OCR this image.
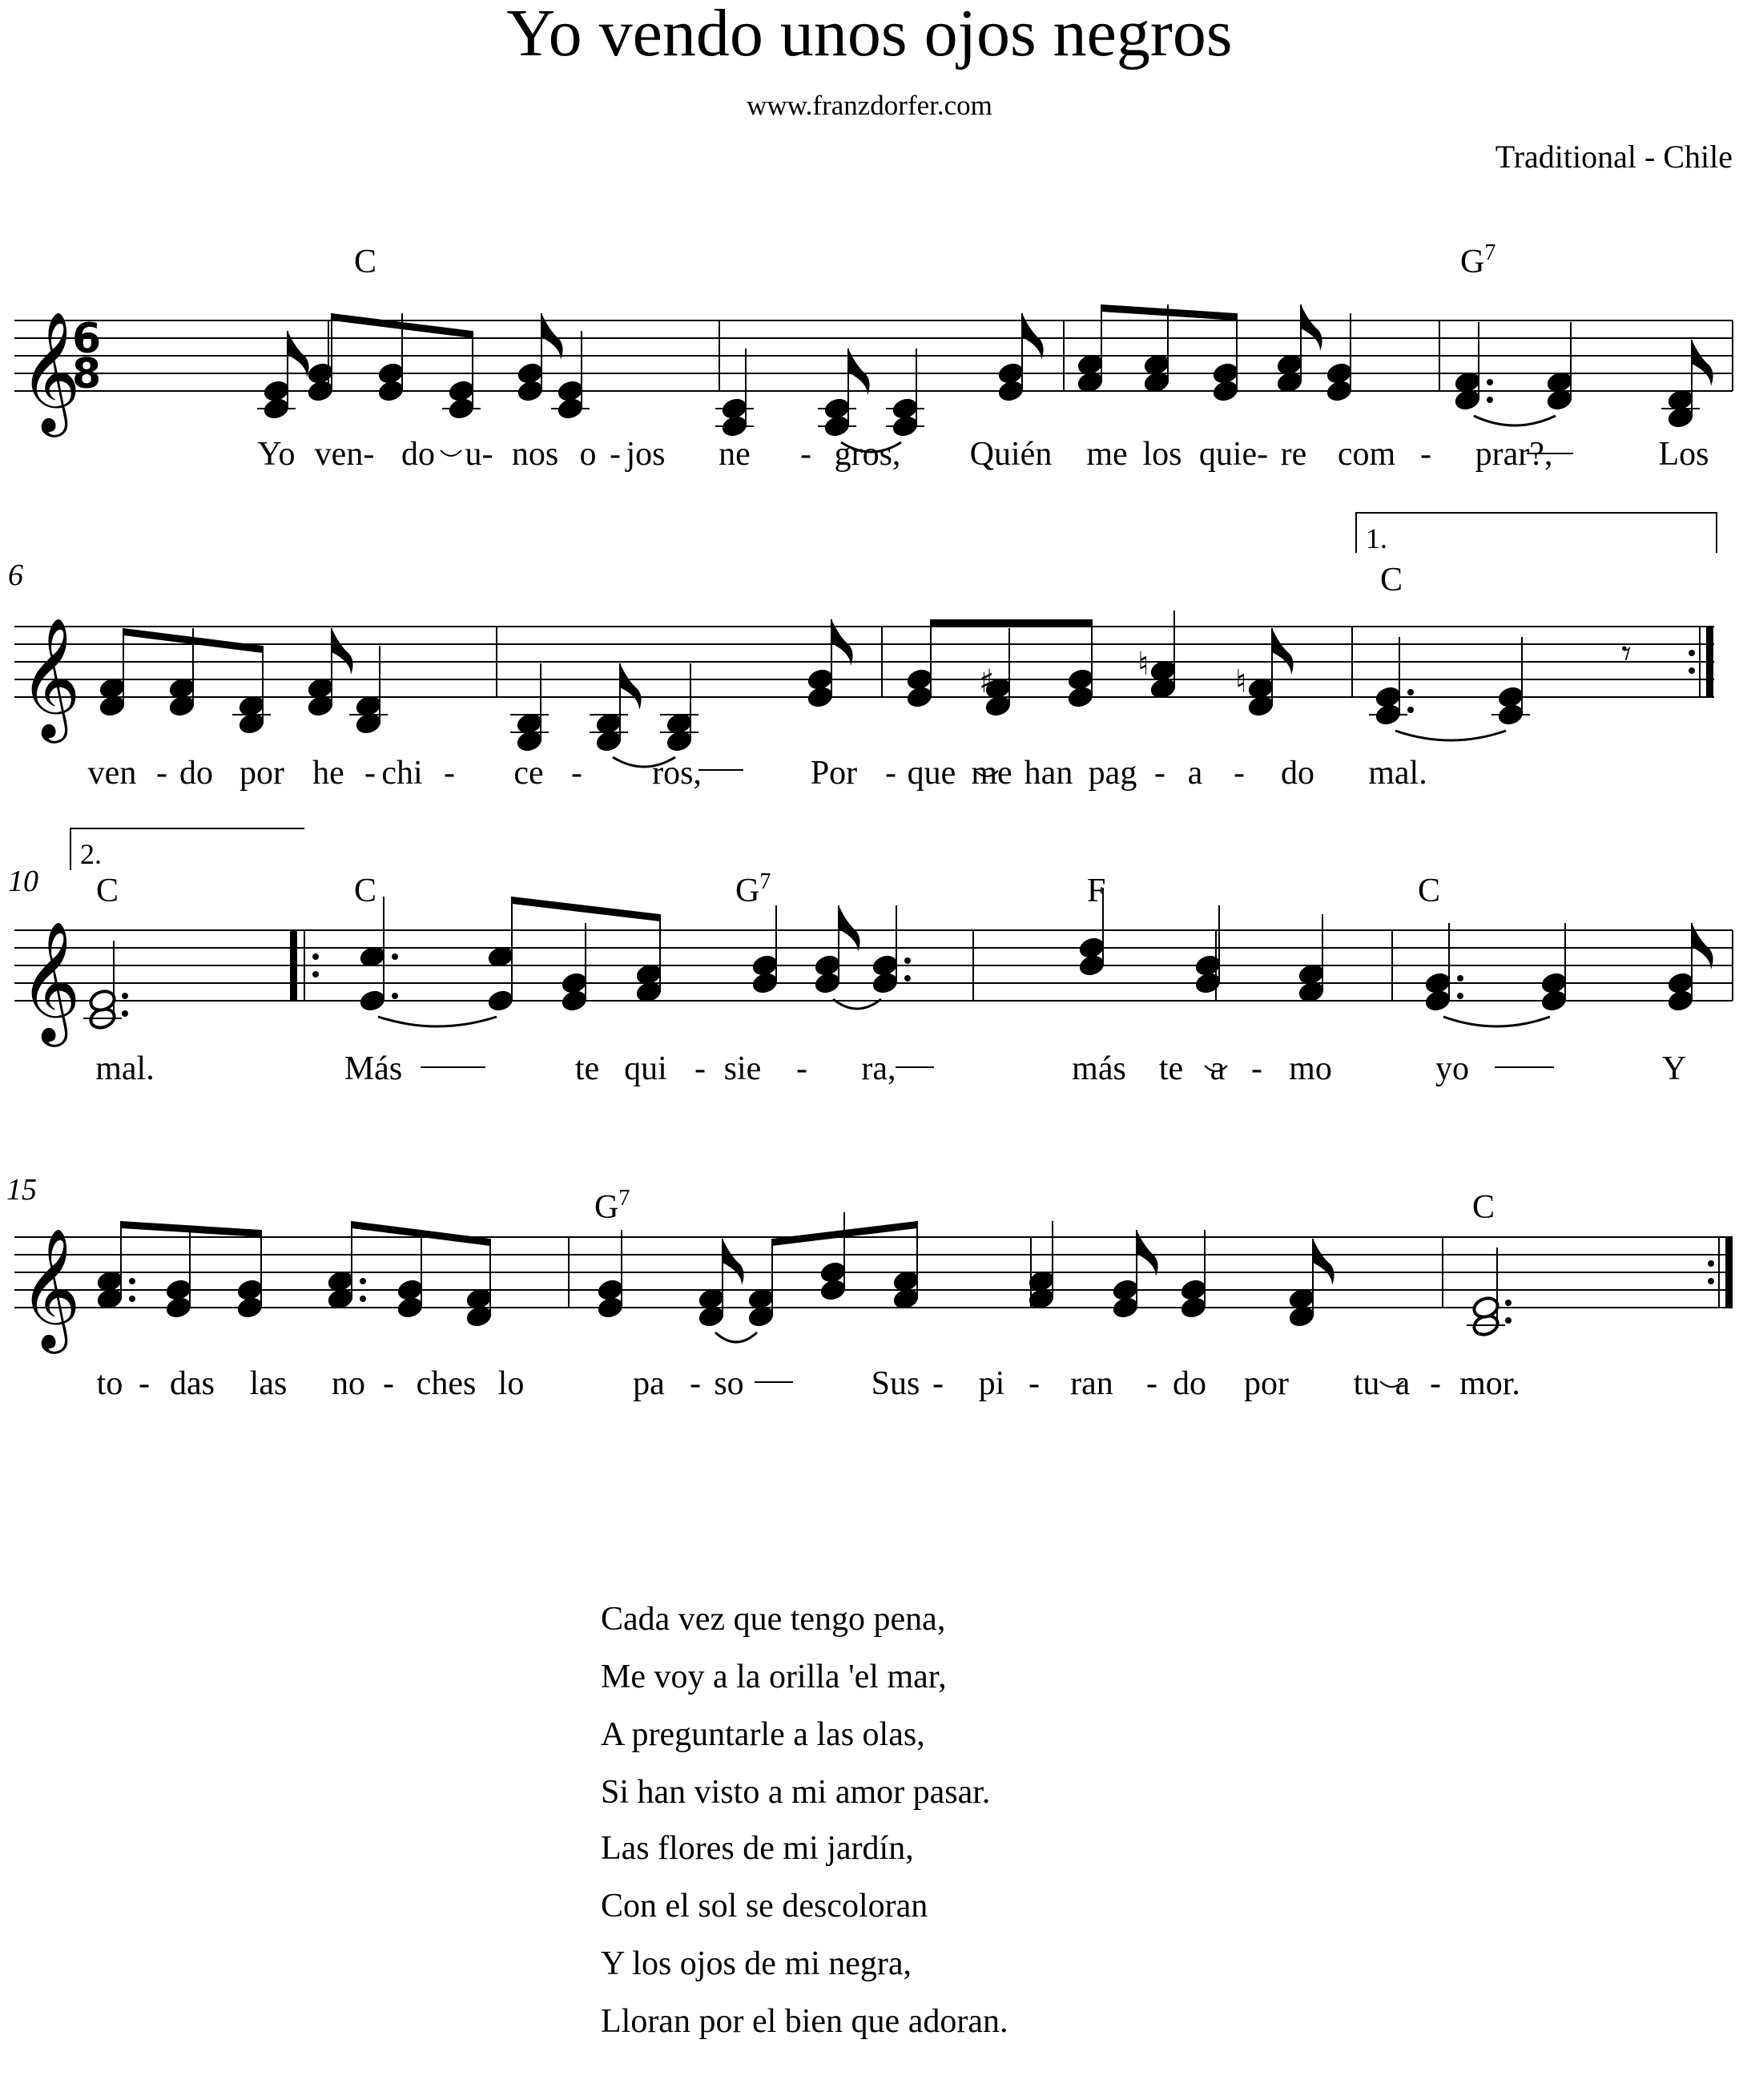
Yo vendo unos ojos negros
www.franzdorfer.com
Traditional - Chile
𝄞
𝄞
𝄞
𝄞
6
8
𝄾
♯	♮	♮
6
10
15
1.
2.
C	$G^7$
C
C	C	$G^7$	F	C
$G^7$	C
Yo ven- do u- nos o - jos ne - gros, Quién me los quie- re com - prar?,	Los
ven - do por he - chi - ce - ros,	Por - que me han pag - a - do mal.
mal.	Más	te qui - sie - ra,	más te a - mo	yo	Y
to - das las no - ches lo	pa - so	Sus - pi - ran - do por tu a - mor.
Cada vez que tengo pena,
Me voy a la orilla 'el mar,
A preguntarle a las olas,
Si han visto a mi amor pasar.
Las flores de mi jardín,
Con el sol se descoloran
Y los ojos de mi negra,
Lloran por el bien que adoran.
